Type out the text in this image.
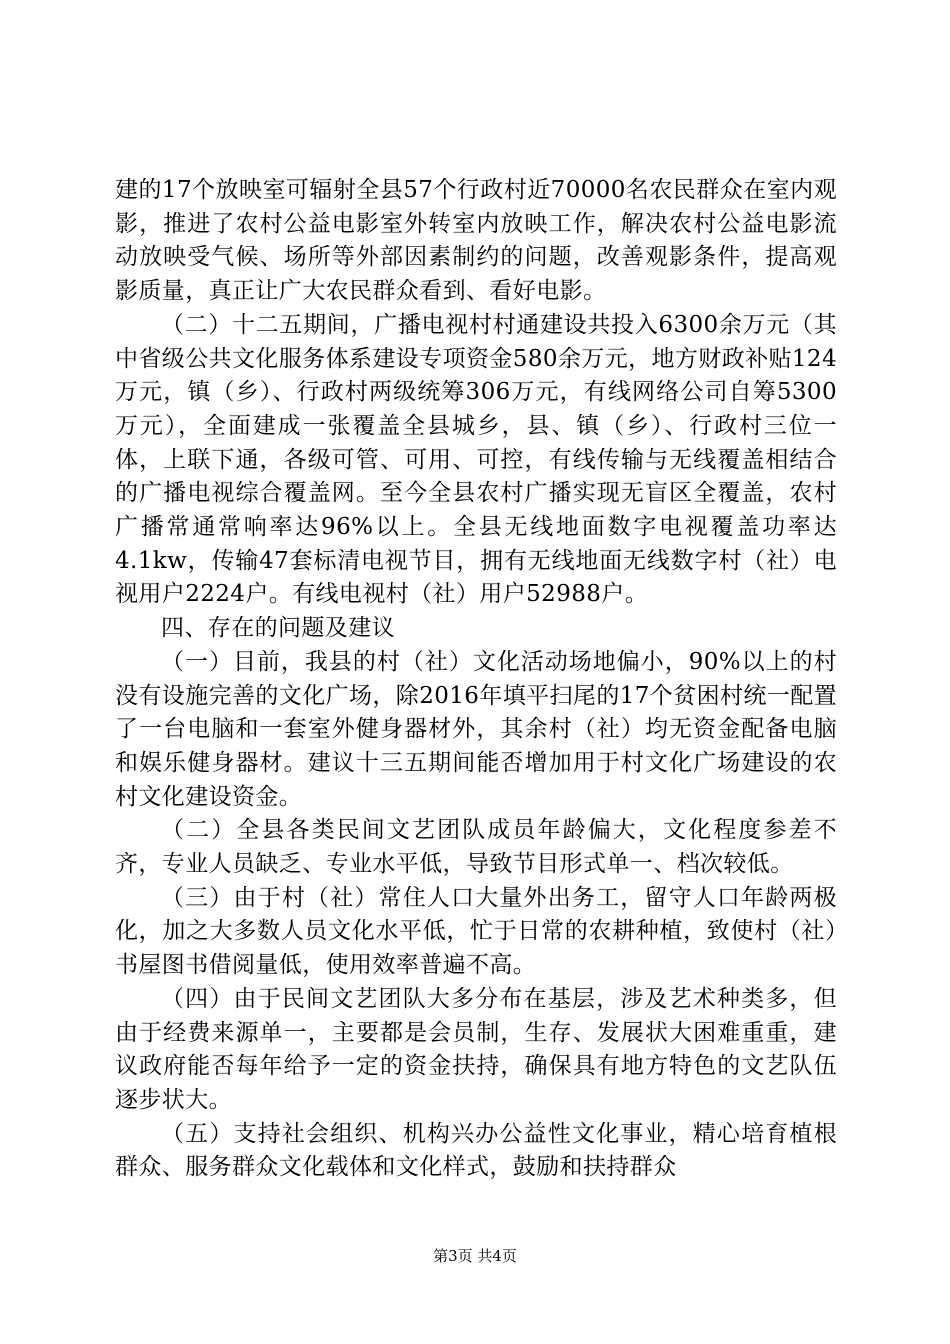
建的17个放映室可辐射全县57个行政村近70000名农民群众在室内观影，推进了农村公益电影室外转室内放映工作，解决农村公益电影流动放映受气候、场所等外部因素制约的问题，改善观影条件，提高观影质量，真正让广大农民群众看到、看好电影。

（二）十二五期间，广播电视村村通建设共投入6300余万元（其中省级公共文化服务体系建设专项资金580余万元，地方财政补贴124万元，镇（乡）、行政村两级统筹306万元，有线网络公司自筹5300万元），全面建成一张覆盖全县城乡，县、镇（乡）、行政村三位一体，上联下通，各级可管、可用、可控，有线传输与无线覆盖相结合的广播电视综合覆盖网。至今全县农村广播实现无盲区全覆盖，农村广播常通常响率达96%以上。全县无线地面数字电视覆盖功率达4.1kw，传输47套标清电视节目，拥有无线地面无线数字村（社）电视用户2224户。有线电视村（社）用户52988户。

四、存在的问题及建议

（一）目前，我县的村（社）文化活动场地偏小，90%以上的村没有设施完善的文化广场，除2016年填平扫尾的17个贫困村统一配置了一台电脑和一套室外健身器材外，其余村（社）均无资金配备电脑和娱乐健身器材。建议十三五期间能否增加用于村文化广场建设的农村文化建设资金。

（二）全县各类民间文艺团队成员年龄偏大，文化程度参差不齐，专业人员缺乏、专业水平低，导致节目形式单一、档次较低。

（三）由于村（社）常住人口大量外出务工，留守人口年龄两极化，加之大多数人员文化水平低，忙于日常的农耕种植，致使村（社）书屋图书借阅量低，使用效率普遍不高。

（四）由于民间文艺团队大多分布在基层，涉及艺术种类多，但由于经费来源单一，主要都是会员制，生存、发展状大困难重重，建议政府能否每年给予一定的资金扶持，确保具有地方特色的文艺队伍逐步状大。

（五）支持社会组织、机构兴办公益性文化事业，精心培育植根群众、服务群众文化载体和文化样式，鼓励和扶持群众

第3页 共4页
